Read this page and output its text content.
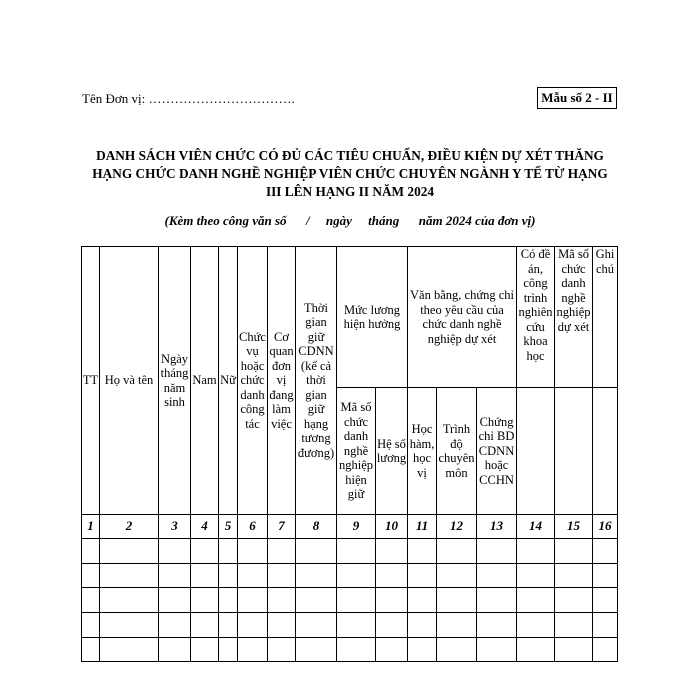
Tên Đơn vị: …………………………….	Mẫu số 2 - II
DANH SÁCH VIÊN CHỨC CÓ ĐỦ CÁC TIÊU CHUẨN, ĐIỀU KIỆN DỰ XÉT THĂNG
HẠNG CHỨC DANH NGHỀ NGHIỆP VIÊN CHỨC CHUYÊN NGÀNH Y TẾ TỪ HẠNG
III LÊN HẠNG II NĂM 2024
(Kèm theo công văn số      /     ngày     tháng      năm 2024 của đơn vị)
TT	Họ và tên	Ngày tháng năm sinh	Nam	Nữ	Chức vụ hoặc chức danh công tác	Cơ quan đơn vị đang làm việc	Thời gian giữ CDNN (kể cả thời gian giữ hạng tương đương)	Mức lương hiện hưởng		Văn bằng, chứng chỉ theo yêu cầu của chức danh nghề nghiệp dự xét			Có đề án, công trình nghiên cứu khoa học	Mã số chức danh nghề nghiệp dự xét	Ghi chú
								Mã số chức danh nghề nghiệp hiện giữ	Hệ số lương	Học hàm, học vị	Trình độ chuyên môn	Chứng chỉ BD CDNN hoặc CCHN			
1	2	3	4	5	6	7	8	9	10	11	12	13	14	15	16
